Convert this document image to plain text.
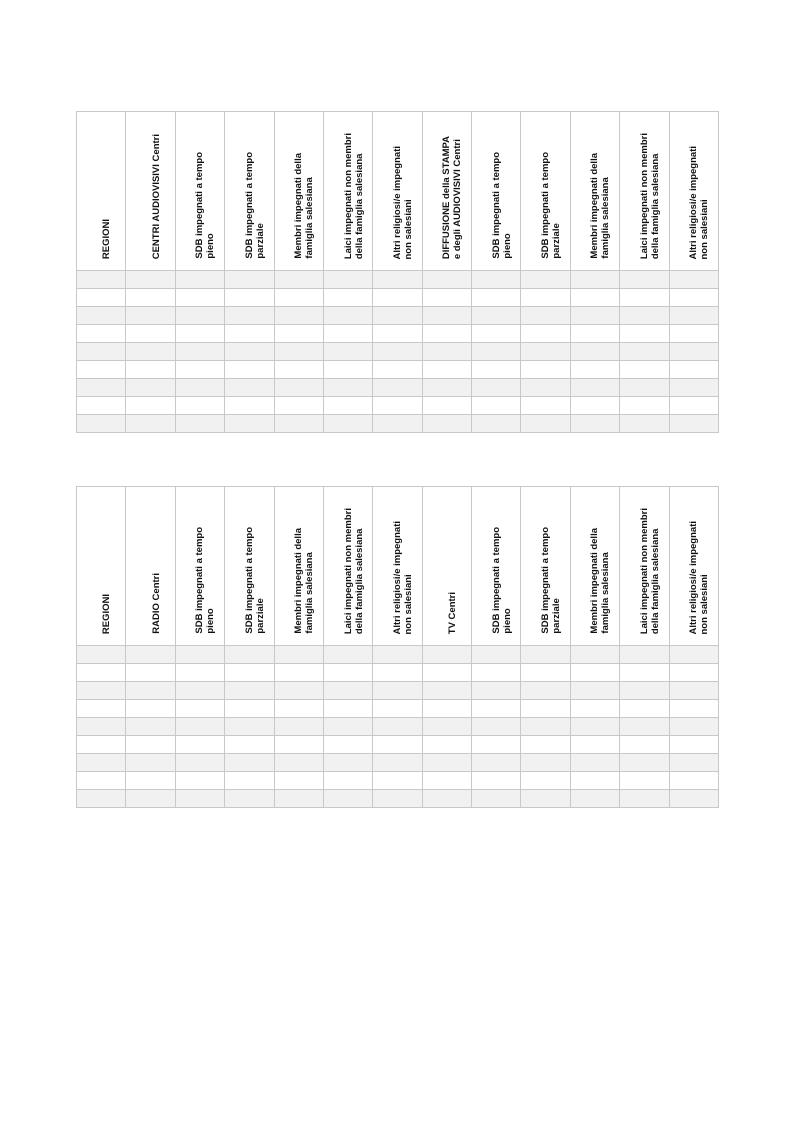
REGIONI	CENTRI AUDIOVISIVI Centri	SDB impegnati a tempo
pieno	SDB impegnati a tempo
parziale	Membri impegnati della
famiglia salesiana	Laici impegnati non membri
della famiglia salesiana	Altri religiosi/e impegnati
non salesiani	DIFFUSIONE della STAMPA
e degli AUDIOVISIVI Centri	SDB impegnati a tempo
pieno	SDB impegnati a tempo
parziale	Membri impegnati della
famiglia salesiana	Laici impegnati non membri
della famiglia salesiana	Altri religiosi/e impegnati
non salesiani

REGIONI	RADIO Centri	SDB impegnati a tempo
pieno	SDB impegnati a tempo
parziale	Membri impegnati della
famiglia salesiana	Laici impegnati non membri
della famiglia salesiana	Altri religiosi/e impegnati
non salesiani	TV Centri	SDB impegnati a tempo
pieno	SDB impegnati a tempo
parziale	Membri impegnati della
famiglia salesiana	Laici impegnati non membri
della famiglia salesiana	Altri religiosi/e impegnati
non salesiani
